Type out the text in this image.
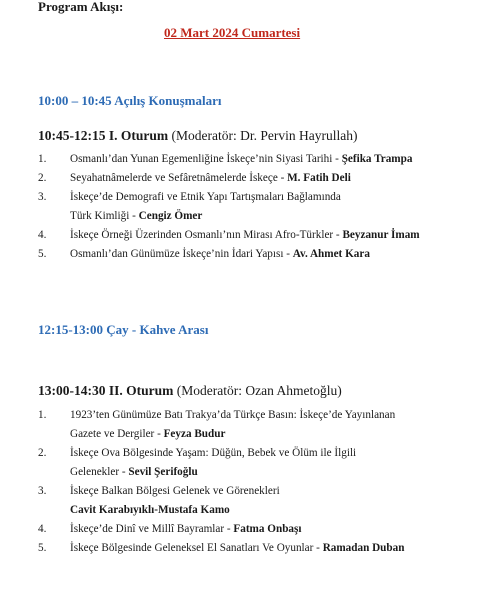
Program Akışı:
02 Mart 2024 Cumartesi
10:00 – 10:45 Açılış Konuşmaları
10:45-12:15 I. Oturum (Moderatör: Dr. Pervin Hayrullah)
1. Osmanlı’dan Yunan Egemenliğine İskeçe’nin Siyasi Tarihi - Şefika Trampa
2. Seyahatnâmelerde ve Sefâretnâmelerde İskeçe - M. Fatih Deli
3. İskeçe’de Demografi ve Etnik Yapı Tartışmaları Bağlamında
Türk Kimliği - Cengiz Ömer
4. İskeçe Örneği Üzerinden Osmanlı’nın Mirası Afro-Türkler - Beyzanur İmam
5. Osmanlı’dan Günümüze İskeçe’nin İdari Yapısı - Av. Ahmet Kara
12:15-13:00 Çay - Kahve Arası
13:00-14:30 II. Oturum (Moderatör: Ozan Ahmetoğlu)
1. 1923’ten Günümüze Batı Trakya’da Türkçe Basın: İskeçe’de Yayınlanan
Gazete ve Dergiler - Feyza Budur
2. İskeçe Ova Bölgesinde Yaşam: Düğün, Bebek ve Ölüm ile İlgili
Gelenekler - Sevil Şerifoğlu
3. İskeçe Balkan Bölgesi Gelenek ve Görenekleri
Cavit Karabıyıklı-Mustafa Kamo
4. İskeçe’de Dinî ve Millî Bayramlar - Fatma Onbaşı
5. İskeçe Bölgesinde Geleneksel El Sanatları Ve Oyunlar - Ramadan Duban
